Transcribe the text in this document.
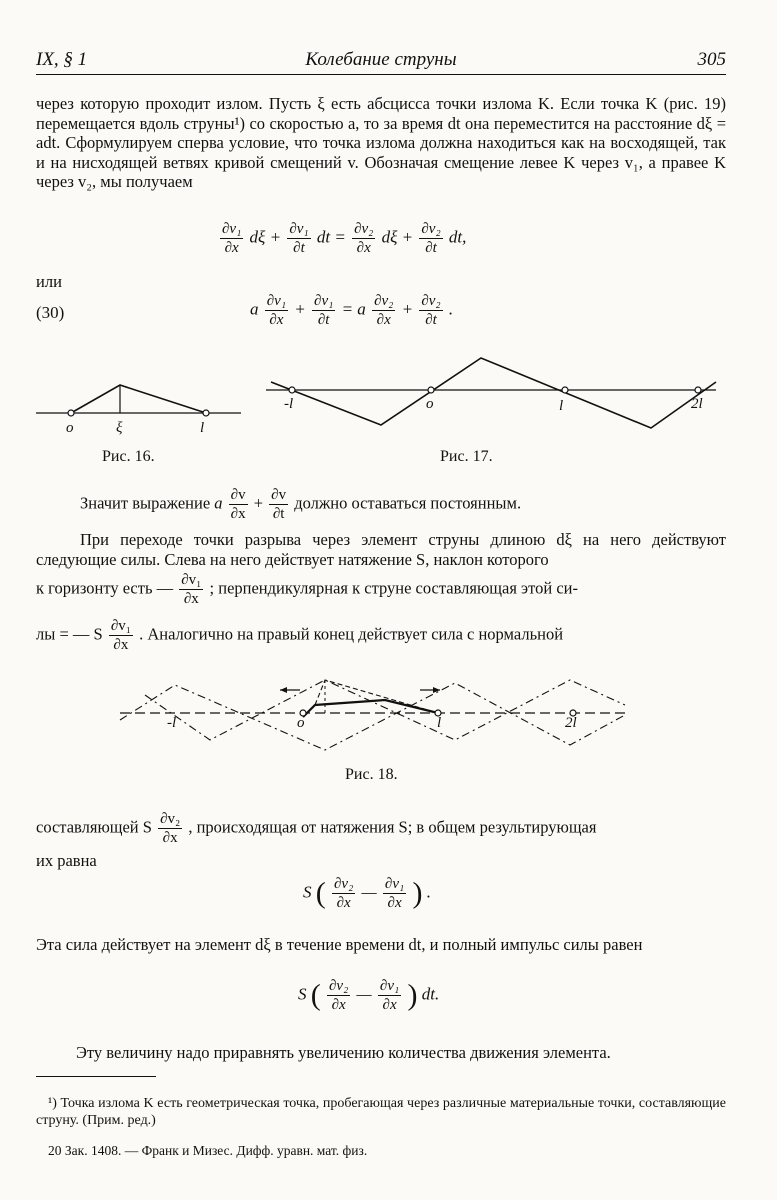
IX, § 1	Колебание струны	305
через которую проходит излом. Пусть ξ есть абсцисса точки излома K. Если точка K (рис. 19) перемещается вдоль струны¹) со скоростью a, то за время dt она переместится на расстояние dξ = adt. Сформулируем сперва условие, что точка излома должна находиться как на восходящей, так и на нисходящей ветвях кривой смещений v. Обозначая смещение левее K через v₁, а правее K через v₂, мы получаем
$\frac{\text{∂v₁}}{\partial x}$ $d\xi + \frac{\text{∂v₁}}{\partial t}$ dt = $\frac{\text{∂v₂}}{\partial x}$ $d\xi + \frac{\text{∂v₂}}{\partial t}$ dt,
или
(30)	a $\frac{\text{∂v₁}}{\partial x} + \frac{\text{∂v₁}}{\partial t} = a \frac{\text{∂v₂}}{\partial x} + \frac{\text{∂v₂}}{\partial t}$ .
o	ξ	l
Рис. 16.
-l	o	l	2l
Рис. 17.
Значит выражение a $\frac{\partial v}{\partial x} + \frac{\partial v}{\partial t}$ должно оставаться постоянным.
При переходе точки разрыва через элемент струны длиною dξ на него действуют следующие силы. Слева на него действует натяжение S, наклон которого
к горизонту есть — $\frac{\text{∂v₁}}{\partial x}$ ; перпендикулярная к струне составляющая этой си-
лы = — S $\frac{\text{∂v₁}}{\partial x}$ . Аналогично на правый конец действует сила с нормальной
-l	o	l	2l
Рис. 18.
составляющей S $\frac{\text{∂v₂}}{\partial x}$ , происходящая от натяжения S; в общем результирующая
их равна
S ( $\frac{\text{∂v₂}}{\partial x}$ — $\frac{\text{∂v₁}}{\partial x}$ ) .
Эта сила действует на элемент dξ в течение времени dt, и полный импульс силы равен
S ( $\frac{\text{∂v₂}}{\partial x}$ — $\frac{\text{∂v₁}}{\partial x}$ ) dt.
Эту величину надо приравнять увеличению количества движения элемента.
¹) Точка излома K есть геометрическая точка, пробегающая через различные материальные точки, составляющие струну. (Прим. ред.)
20 Зак. 1408. — Франк и Мизес. Дифф. уравн. мат. физ.
